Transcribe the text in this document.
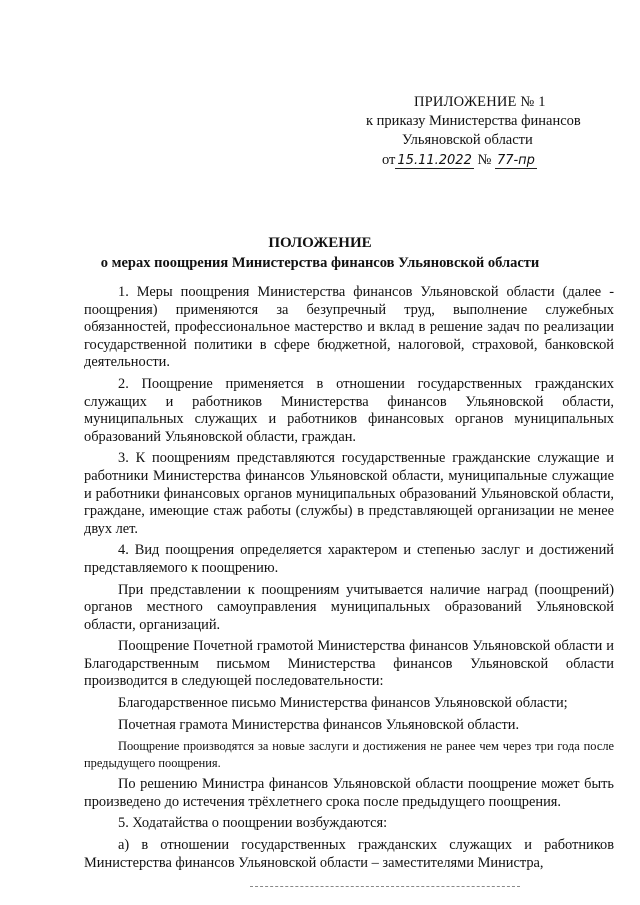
ПРИЛОЖЕНИЕ № 1
к приказу Министерства финансов
Ульяновской области
от 15.11.2022 № 77-пр
ПОЛОЖЕНИЕ
о мерах поощрения Министерства финансов Ульяновской области

1. Меры поощрения Министерства финансов Ульяновской области (далее - поощрения) применяются за безупречный труд, выполнение служебных обязанностей, профессиональное мастерство и вклад в решение задач по реализации государственной политики в сфере бюджетной, налоговой, страховой, банковской деятельности.

2. Поощрение применяется в отношении государственных гражданских служащих и работников Министерства финансов Ульяновской области, муниципальных служащих и работников финансовых органов муниципальных образований Ульяновской области, граждан.

3. К поощрениям представляются государственные гражданские служащие и работники Министерства финансов Ульяновской области, муниципальные служащие и работники финансовых органов муниципальных образований Ульяновской области, граждане, имеющие стаж работы (службы) в представляющей организации не менее двух лет.

4. Вид поощрения определяется характером и степенью заслуг и достижений представляемого к поощрению.

При представлении к поощрениям учитывается наличие наград (поощрений) органов местного самоуправления муниципальных образований Ульяновской области, организаций.

Поощрение Почетной грамотой Министерства финансов Ульяновской области и Благодарственным письмом Министерства финансов Ульяновской области производится в следующей последовательности:

Благодарственное письмо Министерства финансов Ульяновской области;

Почетная грамота Министерства финансов Ульяновской области.

Поощрение производятся за новые заслуги и достижения не ранее чем через три года после предыдущего поощрения.

По решению Министра финансов Ульяновской области поощрение может быть произведено до истечения трёхлетнего срока после предыдущего поощрения.

5. Ходатайства о поощрении возбуждаются:

а) в отношении государственных гражданских служащих и работников Министерства финансов Ульяновской области – заместителями Министра,
